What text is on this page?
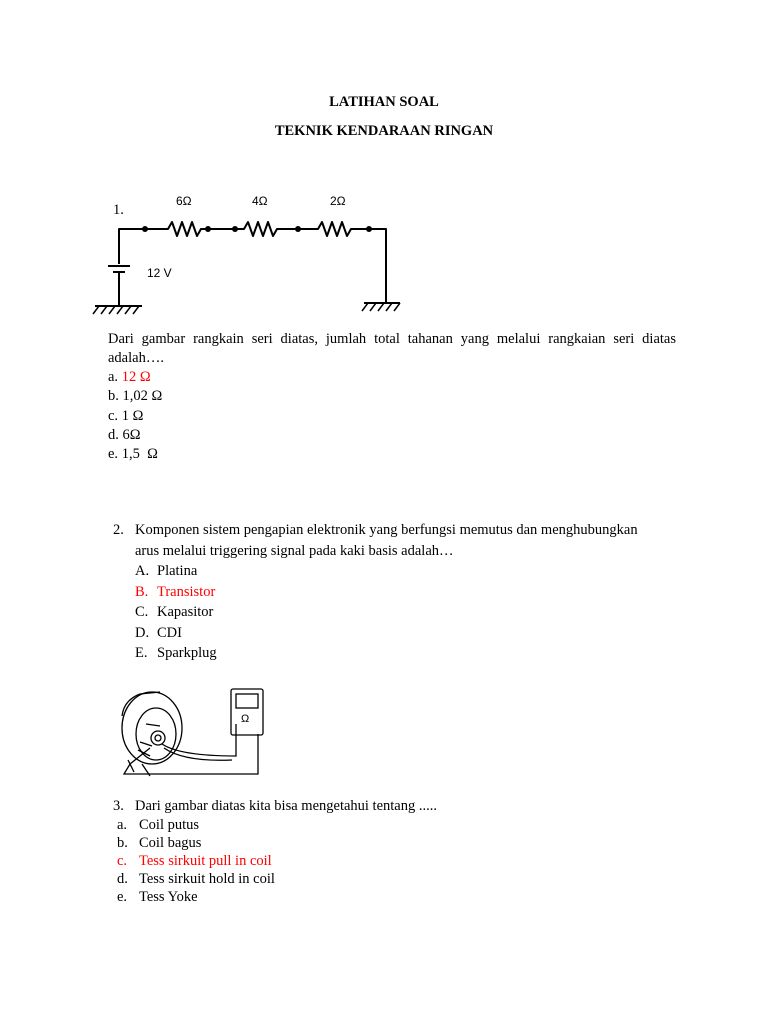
LATIHAN SOAL
TEKNIK KENDARAAN RINGAN
1.
6Ω	4Ω	2Ω
12 V
Dari gambar rangkain seri diatas, jumlah total tahanan yang melalui rangkaian seri diatas
adalah….
a. 12 Ω
b. 1,02 Ω
c. 1 Ω
d. 6Ω
e. 1,5  Ω
2. Komponen sistem pengapian elektronik yang berfungsi memutus dan menghubungkan
arus melalui triggering signal pada kaki basis adalah…
A. Platina
B. Transistor
C. Kapasitor
D. CDI
E. Sparkplug
Ω
3. Dari gambar diatas kita bisa mengetahui tentang .....
a. Coil putus
b. Coil bagus
c. Tess sirkuit pull in coil
d. Tess sirkuit hold in coil
e. Tess Yoke
